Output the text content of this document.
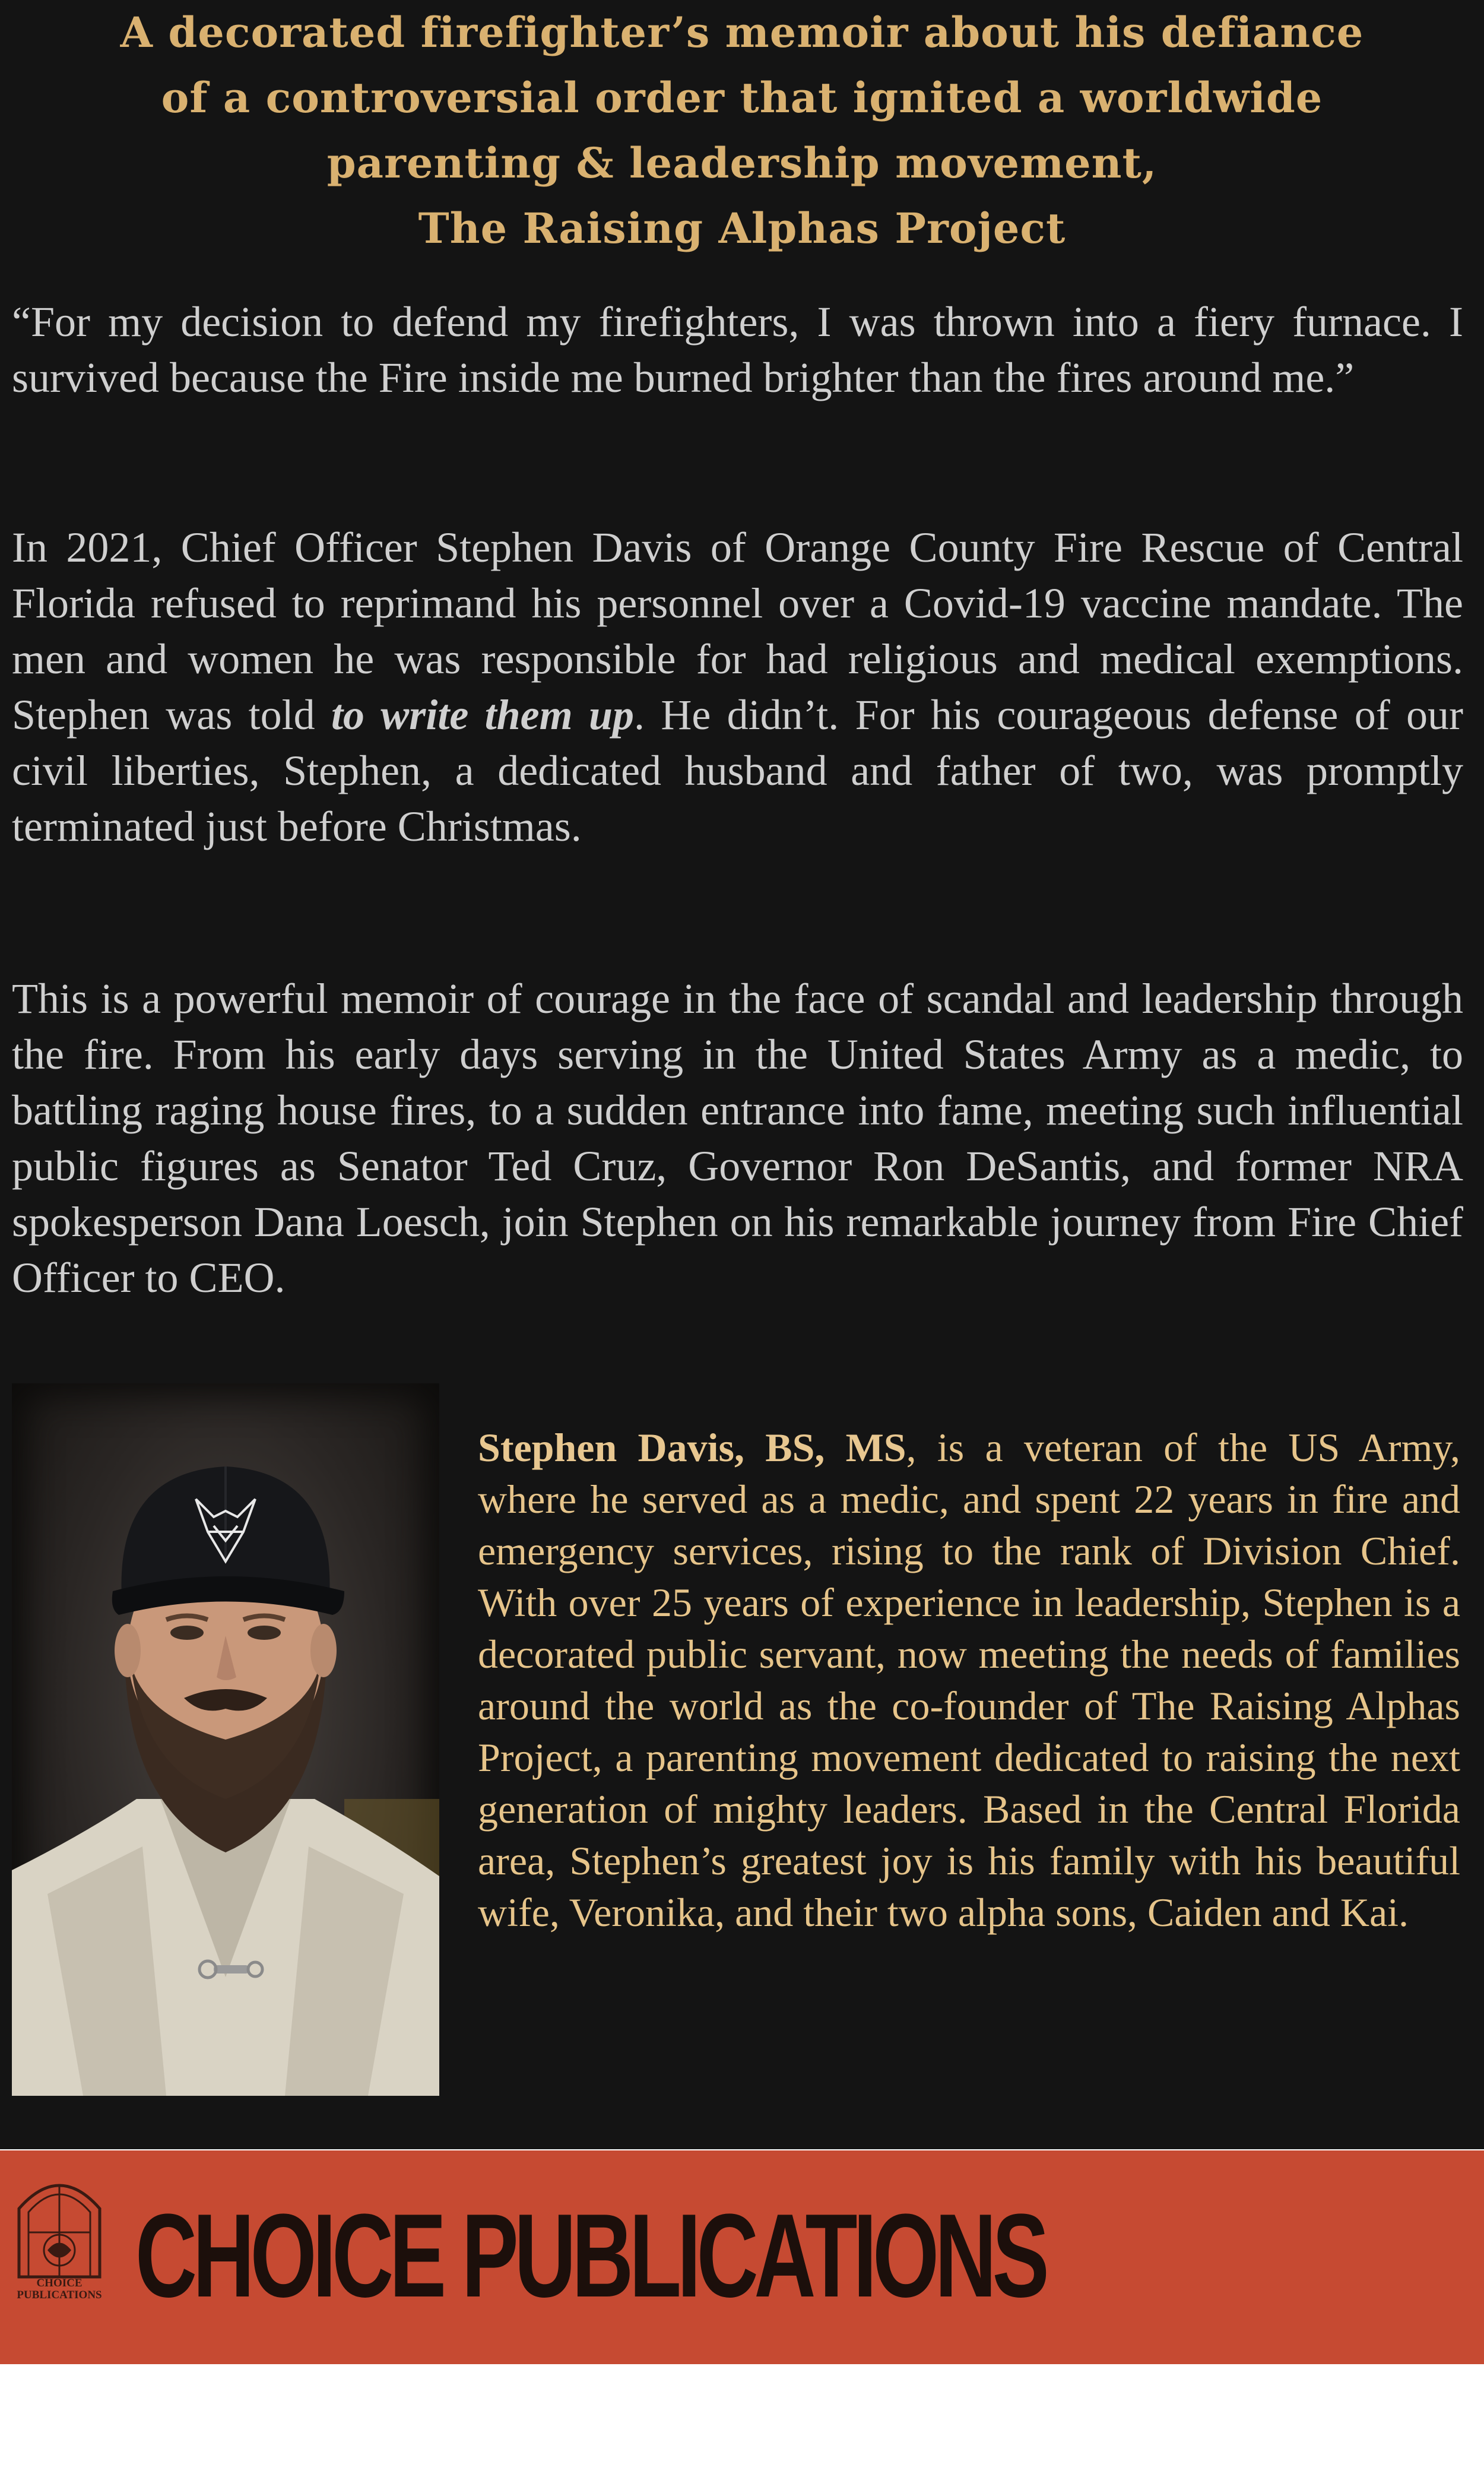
A decorated firefighter’s memoir about his defiance
of a controversial order that ignited a worldwide
parenting & leadership movement,
The Raising Alphas Project

“For my decision to defend my firefighters, I was thrown into a fiery furnace. I survived because the Fire inside me burned brighter than the fires around me.”

In 2021, Chief Officer Stephen Davis of Orange County Fire Rescue of Central Florida refused to reprimand his personnel over a Covid-19 vaccine mandate. The men and women he was responsible for had religious and medical exemptions. Stephen was told to write them up. He didn’t. For his courageous defense of our civil liberties, Stephen, a dedicated husband and father of two, was promptly terminated just before Christmas.

This is a powerful memoir of courage in the face of scandal and leadership through the fire. From his early days serving in the United States Army as a medic, to battling raging house fires, to a sudden entrance into fame, meeting such influential public figures as Senator Ted Cruz, Governor Ron DeSantis, and former NRA spokesperson Dana Loesch, join Stephen on his remarkable journey from Fire Chief Officer to CEO.

Stephen Davis, BS, MS, is a veteran of the US Army, where he served as a medic, and spent 22 years in fire and emergency services, rising to the rank of Division Chief. With over 25 years of experience in leadership, Stephen is a decorated public servant, now meeting the needs of families around the world as the co-founder of The Raising Alphas Project, a parenting movement dedicated to raising the next generation of mighty leaders. Based in the Central Florida area, Stephen’s greatest joy is his family with his beautiful wife, Veronika, and their two alpha sons, Caiden and Kai.

CHOICE
PUBLICATIONS CHOICE PUBLICATIONS
